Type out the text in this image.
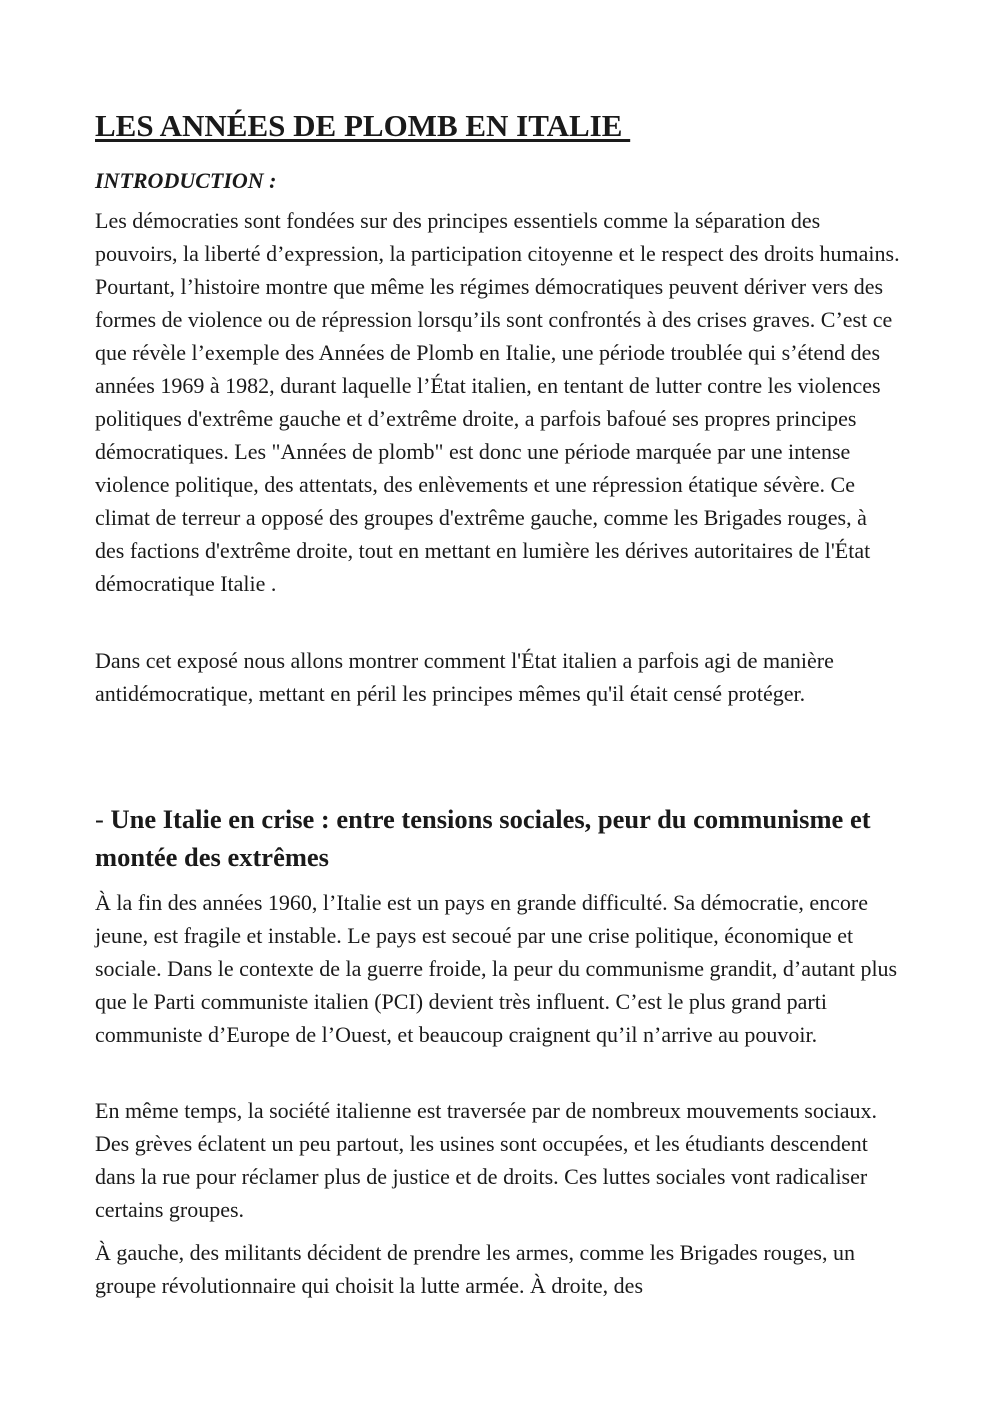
LES ANNÉES DE PLOMB EN ITALIE

INTRODUCTION :

Les démocraties sont fondées sur des principes essentiels comme la séparation des pouvoirs, la liberté d’expression, la participation citoyenne et le respect des droits humains. Pourtant, l’histoire montre que même les régimes démocratiques peuvent dériver vers des formes de violence ou de répression lorsqu’ils sont confrontés à des crises graves. C’est ce que révèle l’exemple des Années de Plomb en Italie, une période troublée qui s’étend des années 1969 à 1982, durant laquelle l’État italien, en tentant de lutter contre les violences politiques d'extrême gauche et d’extrême droite, a parfois bafoué ses propres principes démocratiques. Les "Années de plomb" est donc une période marquée par une intense violence politique, des attentats, des enlèvements et une répression étatique sévère. Ce climat de terreur a opposé des groupes d'extrême gauche, comme les Brigades rouges, à des factions d'extrême droite, tout en mettant en lumière les dérives autoritaires de l'État démocratique Italie .

Dans cet exposé nous allons montrer comment l'État italien a parfois agi de manière antidémocratique, mettant en péril les principes mêmes qu'il était censé protéger.

- Une Italie en crise : entre tensions sociales, peur du communisme et montée des extrêmes

À la fin des années 1960, l’Italie est un pays en grande difficulté. Sa démocratie, encore jeune, est fragile et instable. Le pays est secoué par une crise politique, économique et sociale. Dans le contexte de la guerre froide, la peur du communisme grandit, d’autant plus que le Parti communiste italien (PCI) devient très influent. C’est le plus grand parti communiste d’Europe de l’Ouest, et beaucoup craignent qu’il n’arrive au pouvoir.

En même temps, la société italienne est traversée par de nombreux mouvements sociaux. Des grèves éclatent un peu partout, les usines sont occupées, et les étudiants descendent dans la rue pour réclamer plus de justice et de droits. Ces luttes sociales vont radicaliser certains groupes.

À gauche, des militants décident de prendre les armes, comme les Brigades rouges, un groupe révolutionnaire qui choisit la lutte armée. À droite, des
